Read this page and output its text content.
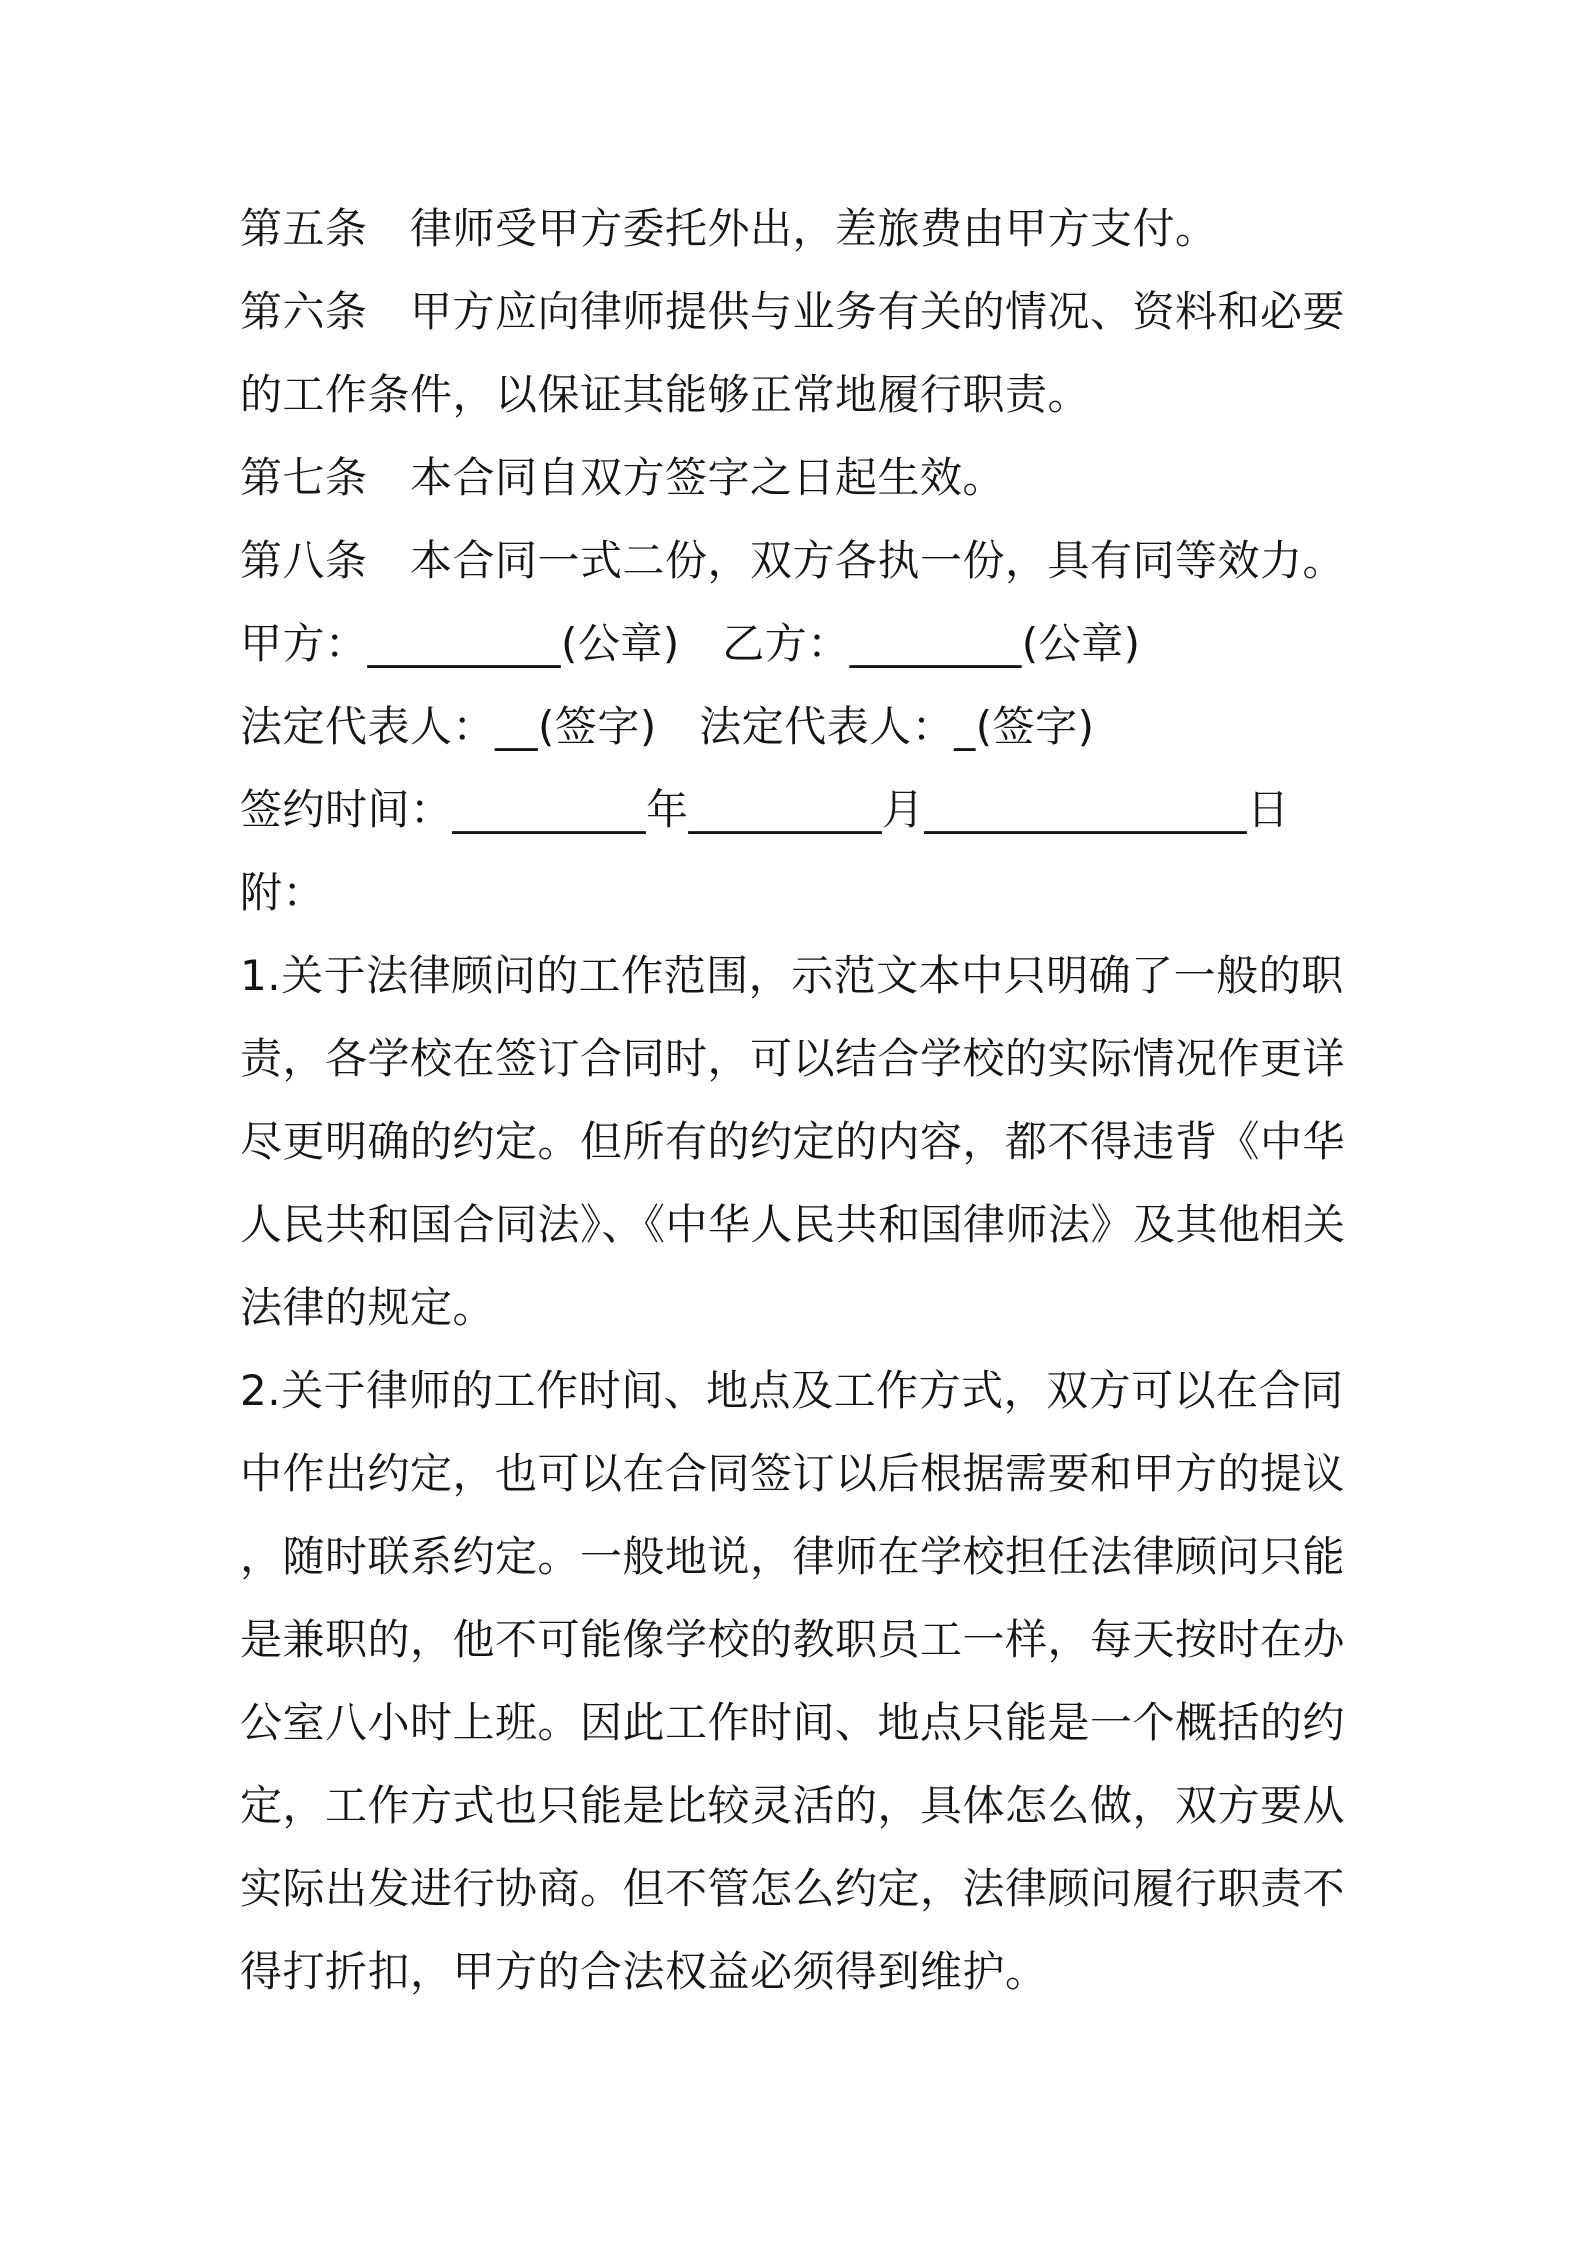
第五条　律师受甲方委托外出，差旅费由甲方支付。
第六条　甲方应向律师提供与业务有关的情况、资料和必要
的工作条件，以保证其能够正常地履行职责。
第七条　本合同自双方签字之日起生效。
第八条　本合同一式二份，双方各执一份，具有同等效力。
甲方：_________(公章)　乙方：________(公章)
法定代表人：__(签字)　法定代表人：_(签字)
签约时间：_________年_________月_______________日
附：
1.关于法律顾问的工作范围，示范文本中只明确了一般的职
责，各学校在签订合同时，可以结合学校的实际情况作更详
尽更明确的约定。但所有的约定的内容，都不得违背《中华
人民共和国合同法》、《中华人民共和国律师法》及其他相关
法律的规定。
2.关于律师的工作时间、地点及工作方式，双方可以在合同
中作出约定，也可以在合同签订以后根据需要和甲方的提议
，随时联系约定。一般地说，律师在学校担任法律顾问只能
是兼职的，他不可能像学校的教职员工一样，每天按时在办
公室八小时上班。因此工作时间、地点只能是一个概括的约
定，工作方式也只能是比较灵活的，具体怎么做，双方要从
实际出发进行协商。但不管怎么约定，法律顾问履行职责不
得打折扣，甲方的合法权益必须得到维护。
